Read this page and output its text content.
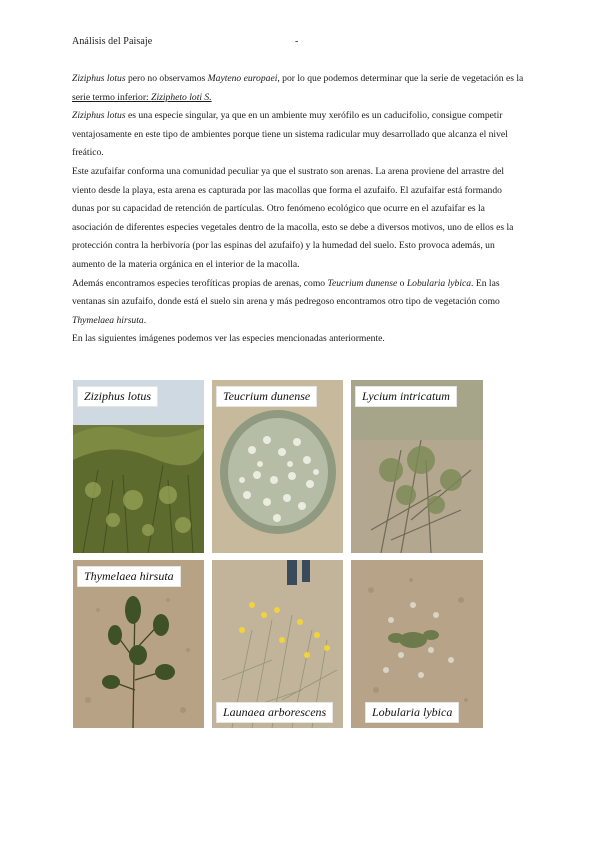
Análisis del Paisaje	-

Ziziphus lotus pero no observamos Mayteno europaei, por lo que podemos determinar que la serie de vegetación es la serie termo inferior: Zizipheto loti S.

Ziziphus lotus es una especie singular, ya que en un ambiente muy xerófilo es un caducifolio, consigue competir ventajosamente en este tipo de ambientes porque tiene un sistema radicular muy desarrollado que alcanza el nivel freático.

Este azufaifar conforma una comunidad peculiar ya que el sustrato son arenas. La arena proviene del arrastre del viento desde la playa, esta arena es capturada por las macollas que forma el azufaifo. El azufaifar está formando dunas por su capacidad de retención de partículas. Otro fenómeno ecológico que ocurre en el azufaifar es la asociación de diferentes especies vegetales dentro de la macolla, esto se debe a diversos motivos, uno de ellos es la protección contra la herbivoría (por las espinas del azufaifo) y la humedad del suelo. Esto provoca además, un aumento de la materia orgánica en el interior de la macolla.

Además encontramos especies terofíticas propias de arenas, como Teucrium dunense o Lobularia lybica. En las ventanas sin azufaifo, donde está el suelo sin arena y más pedregoso encontramos otro tipo de vegetación como Thymelaea hirsuta.

En las siguientes imágenes podemos ver las especies mencionadas anteriormente.

Ziziphus lotus	Teucrium dunense	Lycium intricatum
Thymelaea hirsuta
Launaea arborescens	Lobularia lybica
